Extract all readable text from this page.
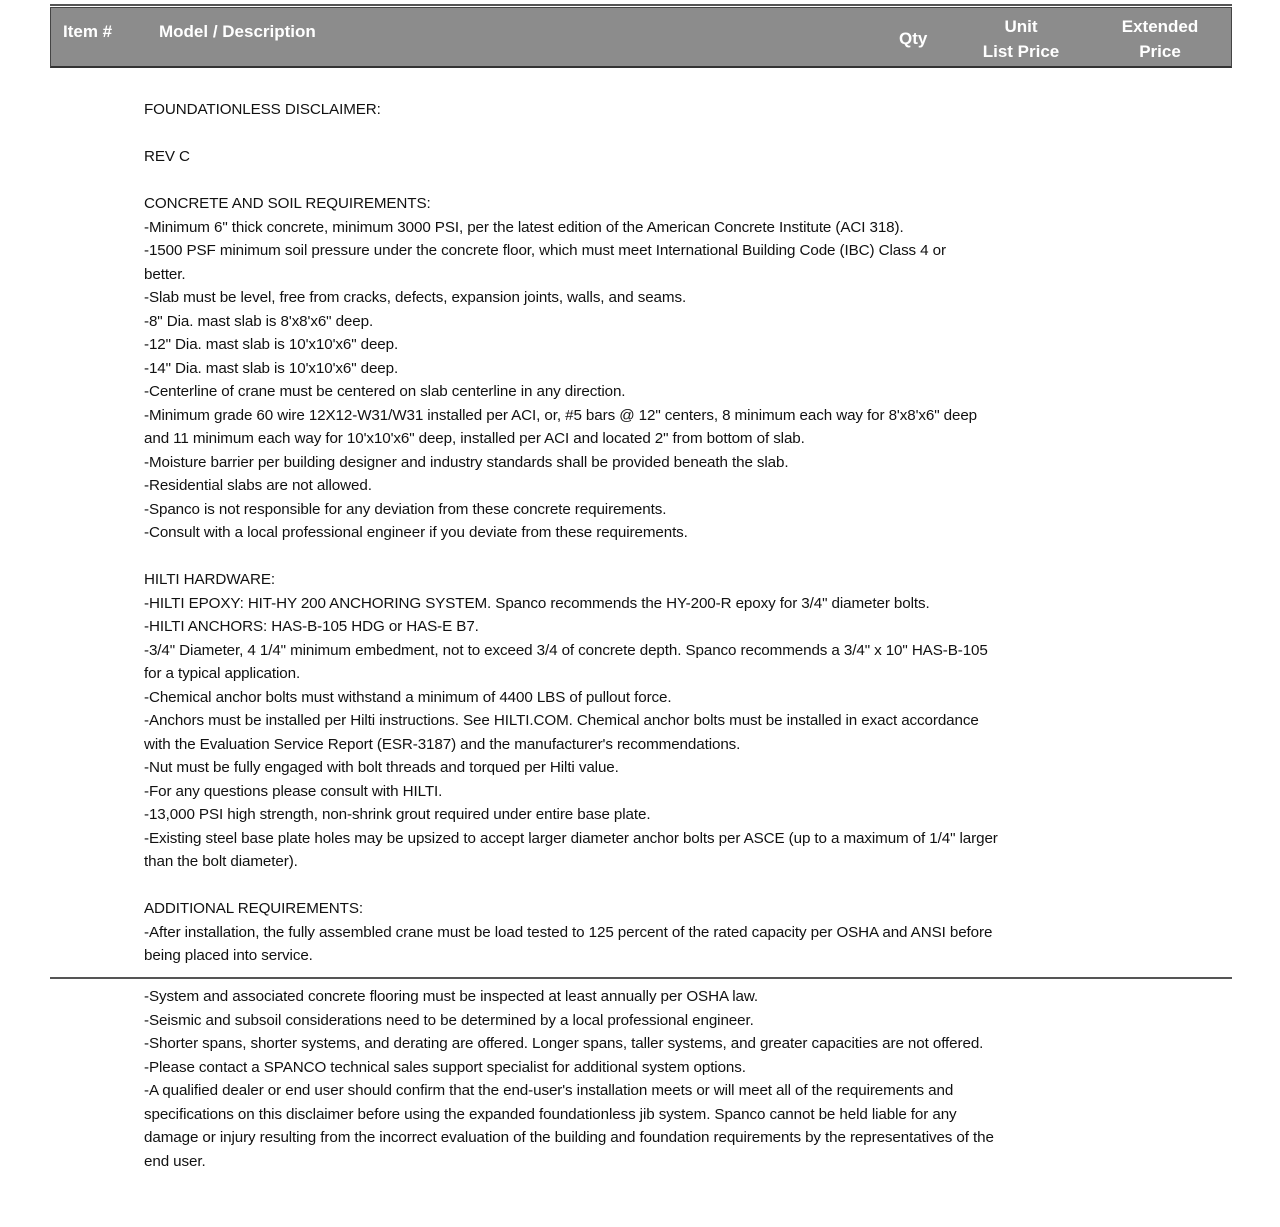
Item #	Model / Description	Qty
Unit
List Price
Extended
Price

FOUNDATIONLESS DISCLAIMER:

REV C

CONCRETE AND SOIL REQUIREMENTS:

-Minimum 6" thick concrete, minimum 3000 PSI, per the latest edition of the American Concrete Institute (ACI 318).

-1500 PSF minimum soil pressure under the concrete floor, which must meet International Building Code (IBC) Class 4 or

better.

-Slab must be level, free from cracks, defects, expansion joints, walls, and seams.

-8" Dia. mast slab is 8'x8'x6" deep.

-12" Dia. mast slab is 10'x10'x6" deep.

-14" Dia. mast slab is 10'x10'x6" deep.

-Centerline of crane must be centered on slab centerline in any direction.

-Minimum grade 60 wire 12X12-W31/W31 installed per ACI, or, #5 bars @ 12" centers, 8 minimum each way for 8'x8'x6" deep

and 11 minimum each way for 10'x10'x6" deep, installed per ACI and located 2" from bottom of slab.

-Moisture barrier per building designer and industry standards shall be provided beneath the slab.

-Residential slabs are not allowed.

-Spanco is not responsible for any deviation from these concrete requirements.

-Consult with a local professional engineer if you deviate from these requirements.

HILTI HARDWARE:

-HILTI EPOXY: HIT-HY 200 ANCHORING SYSTEM. Spanco recommends the HY-200-R epoxy for 3/4" diameter bolts.

-HILTI ANCHORS: HAS-B-105 HDG or HAS-E B7.

-3/4" Diameter, 4 1/4" minimum embedment, not to exceed 3/4 of concrete depth. Spanco recommends a 3/4" x 10" HAS-B-105

for a typical application.

-Chemical anchor bolts must withstand a minimum of 4400 LBS of pullout force.

-Anchors must be installed per Hilti instructions. See HILTI.COM. Chemical anchor bolts must be installed in exact accordance

with the Evaluation Service Report (ESR-3187) and the manufacturer's recommendations.

-Nut must be fully engaged with bolt threads and torqued per Hilti value.

-For any questions please consult with HILTI.

-13,000 PSI high strength, non-shrink grout required under entire base plate.

-Existing steel base plate holes may be upsized to accept larger diameter anchor bolts per ASCE (up to a maximum of 1/4" larger

than the bolt diameter).

ADDITIONAL REQUIREMENTS:

-After installation, the fully assembled crane must be load tested to 125 percent of the rated capacity per OSHA and ANSI before

being placed into service.

-System and associated concrete flooring must be inspected at least annually per OSHA law.

-Seismic and subsoil considerations need to be determined by a local professional engineer.

-Shorter spans, shorter systems, and derating are offered. Longer spans, taller systems, and greater capacities are not offered.

-Please contact a SPANCO technical sales support specialist for additional system options.

-A qualified dealer or end user should confirm that the end-user's installation meets or will meet all of the requirements and

specifications on this disclaimer before using the expanded foundationless jib system. Spanco cannot be held liable for any

damage or injury resulting from the incorrect evaluation of the building and foundation requirements by the representatives of the

end user.
